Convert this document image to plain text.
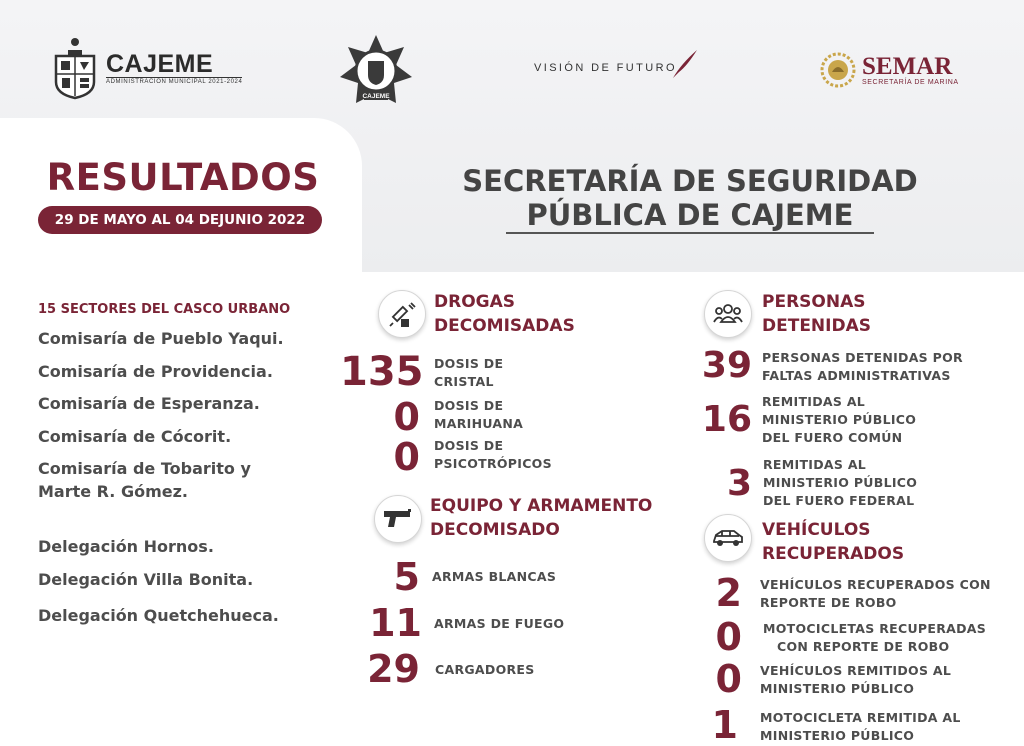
CAJEME
ADMINISTRACIÓN MUNICIPAL 2021-2024
CAJEME
VISIÓN DE FUTURO	SEMAR
SECRETARÍA DE MARINA
RESULTADOS
29 DE MAYO AL 04 DEJUNIO 2022
SECRETARÍA DE SEGURIDAD
PÚBLICA DE CAJEME
15 SECTORES DEL CASCO URBANO
Comisaría de Pueblo Yaqui.
Comisaría de Providencia.
Comisaría de Esperanza.
Comisaría de Cócorit.
Comisaría de Tobarito y
Marte R. Gómez.
Delegación Hornos.
Delegación Villa Bonita.
Delegación Quetchehueca.
DROGAS
DECOMISADAS
135 DOSIS DE
CRISTAL
0 DOSIS DE
MARIHUANA
0 DOSIS DE
PSICOTRÓPICOS
EQUIPO Y ARMAMENTO
DECOMISADO
5 ARMAS BLANCAS
11 ARMAS DE FUEGO
29 CARGADORES
PERSONAS
DETENIDAS
39 PERSONAS DETENIDAS POR
FALTAS ADMINISTRATIVAS
16 REMITIDAS AL
MINISTERIO PÚBLICO
DEL FUERO COMÚN
3 REMITIDAS AL
MINISTERIO PÚBLICO
DEL FUERO FEDERAL
VEHÍCULOS
RECUPERADOS
2 VEHÍCULOS RECUPERADOS CON
REPORTE DE ROBO
0 MOTOCICLETAS RECUPERADAS
CON REPORTE DE ROBO
0 VEHÍCULOS REMITIDOS AL
MINISTERIO PÚBLICO
1 MOTOCICLETA REMITIDA AL
MINISTERIO PÚBLICO
